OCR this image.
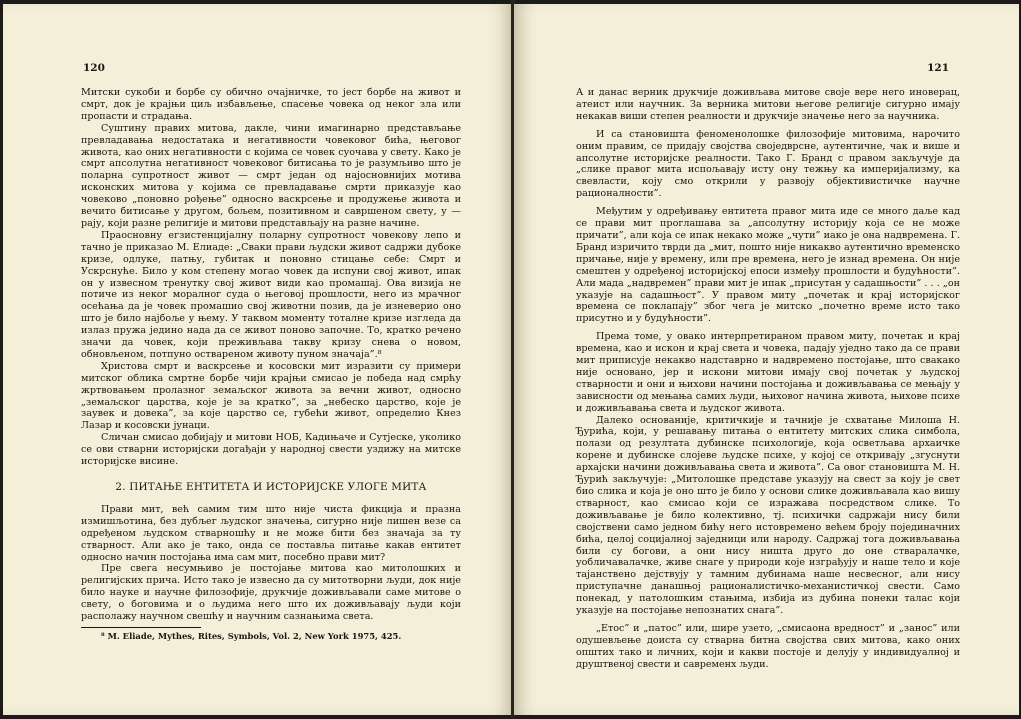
120

Митски сукоби и борбе су обично очајничке, то јест борбе на живот и смрт, док је крајњи циљ избављење, спасење човека од неког зла или пропасти и страдања.

Суштину правих митова, дакле, чини имагинарно представљање превладавања недостатака и негативности човековог бића, његовог живота, као оних негативности с којима се човек суочава у свету. Како је смрт апсолутна негативност човековог битисања то је разумљиво што је поларна супротност живот — смрт један од најосновнијих мотива исконских митова у којима се превладавање смрти приказује као човеково „поновно рођење” односно васкрсење и продужење живота и вечито битисање у другом, бољем, позитивном и савршеном свету, у — рају, који разне религије и митови представљају на разне начине.

Праосновну егзистенцијалну поларну супротност човекову лепо и тачно је приказао М. Елиаде: „Сваки прави људски живот садржи дубоке кризе, одлуке, патњу, губитак и поновно стицање себе: Смрт и Ускрснуће. Било у ком степену могао човек да испуни свој живот, ипак он у извесном тренутку свој живот види као промашај. Ова визија не потиче из неког моралног суда о његовој прошлости, него из мрачног осећања да је човек промашио свој животни позив, да је изневерио оно што је било најбоље у њему. У таквом моменту тоталне кризе изгледа да излаз пружа једино нада да се живот поново започне. То, кратко речено значи да човек, који преживљава такву кризу снева о новом, обновљеном, потпуно оствареном животу пуном значаја”.⁸

Христова смрт и васкрсење и косовски мит изразити су примери митског облика смртне борбе чији крајњи смисао је победа над смрћу жртвовањем пролазног земаљског живота за вечни живот, односно „земаљског царства, које је за кратко”, за „небеско царство, које је заувек и довека”, за које царство се, губећи живот, определио Кнез Лазар и косовски јунаци.

Сличан смисао добијају и митови НОБ, Кадињаче и Сутјеске, уколико се ови стварни историјски догађаји у народној свести уздижу на митске историјске висине.

2. ПИТАЊЕ ЕНТИТЕТА И ИСТОРИЈСКЕ УЛОГЕ МИТА

Прави мит, већ самим тим што није чиста фикција и празна измишљотина, без дубљег људског значења, сигурно није лишен везе са одређеном људском стварношћу и не може бити без значаја за ту стварност. Али ако је тако, онда се поставља питање какав ентитет односно начин постојања има сам мит, посебно прави мит?

Пре свега несумњиво је постојање митова као митолошких и религијских прича. Исто тако је извесно да су митотворни људи, док није било науке и научне филозофије, друкчије доживљавали саме митове о свету, о боговима и о људима него што их доживљавају људи који располажу научном свешћу и научним сазнањима света.

⁸ M. Eliade, Mythes, Rites, Symbols, Vol. 2, New York 1975, 425.

121

А и данас верник друкчије доживљава митове своје вере него иноверац, атеист или научник. За верника митови његове религије сигурно имају некакав виши степен реалности и друкчије значење него за научника.

И са становишта феноменолошке филозофије митовима, нарочито оним правим, се придају својства своједврсне, аутентичне, чак и више и апсолутне историјске реалности. Тако Г. Бранд с правом закључује да „слике правог мита испољавају исту ону тежњу ка империјализму, ка свевласти, коју смо открили у развоју објективистичке научне рационалности”.

Међутим у одређивању ентитета правог мита иде се много даље кад се прави мит проглашава за „апсолутну историју која се не може причати”, али која се ипак некако може „чути” иако је она надвремена. Г. Бранд изричито тврди да „мит, пошто није никакво аутентично временско причање, није у времену, или пре времена, него је изнад времена. Он није смештен у одређеној историјској епоси између прошлости и будућности”. Али мада „надвремен” прави мит је ипак „присутан у садашњости” . . . „он указује на садашњост”. У правом миту „почетак и крај историјског времена се поклапају” због чега је митско „почетно време исто тако присутно и у будућности”.

Према томе, у овако интерпретираном правом миту, почетак и крај времена, као и искон и крај света и човека, падају уједно тако да се прави мит приписује некакво надставрно и надвремено постојање, што свакако није основано, јер и искони митови имају свој почетак у људској стварности и они и њихови начини постојања и доживљавања се мењају у зависности од мењања самих људи, њиховог начина живота, њихове психе и доживљавања света и људског живота.

Далеко основаније, критичкије и тачније је схватање Милоша Н. Ђурића, који, у решавању питања о ентитету митских слика симбола, полази од резултата дубинске психологије, која осветљава архаичке корене и дубинске слојеве људске психе, у којој се откривају „згуснути архајски начини доживљавања света и живота”. Са овог становишта М. Н. Ђурић закључује: „Митолошке представе указују на свест за коју је свет био слика и која је оно што је било у основи слике доживљавала као вишу стварност, као смисао који се изражава посредством слике. То доживљавање је било колективно, тј. психички садржаји нису били својствени само једном бићу него истовремено већем броју појединачних бића, целој социјалној заједници или народу. Садржај тога доживљавања били су богови, а они нису ништа друго до оне стваралачке, уобличавалачке, живе снаге у природи које изграђују и наше тело и које тајанствено дејствују у тамним дубинама наше несвесног, али нису приступачне данашњој рационалистичко-механистичкој свести. Само понекад, у патолошким стањима, избија из дубина понеки талас који указује на постојање непознатих снага”.

„Етос” и „патос” или, шире узето, „смисаона вредност” и „занос” или одушевљење доиста су стварна битна својства свих митова, како оних општих тако и личних, који и какви постоје и делују у индивидуалној и друштвеној свести и савременх људи.
